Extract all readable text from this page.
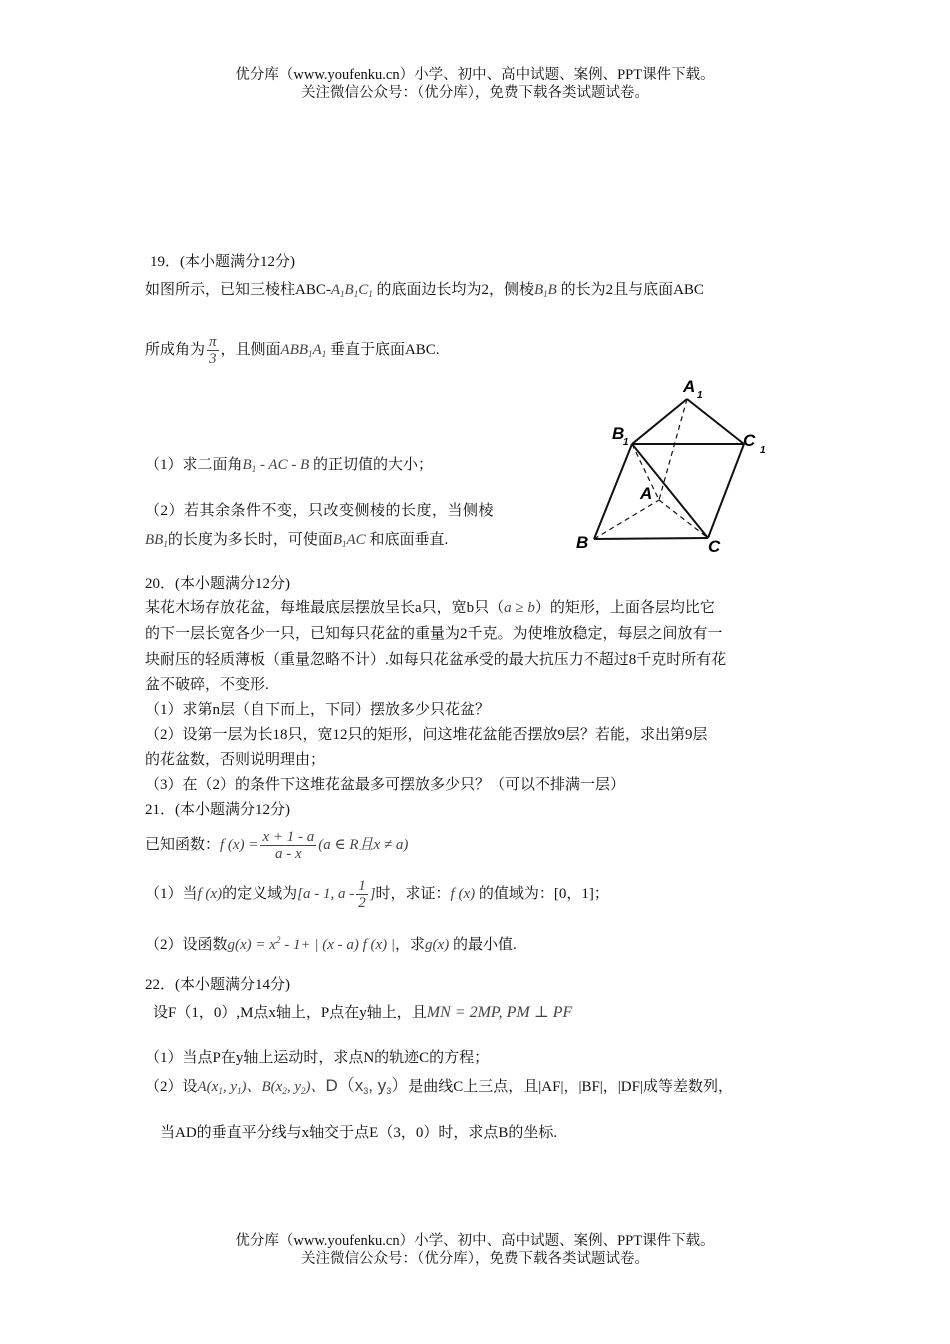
优分库（www.youfenku.cn）小学、初中、高中试题、案例、PPT课件下载。
关注微信公众号：（优分库），免费下载各类试题试卷。
19．(本小题满分12分)
如图所示，已知三棱柱ABC-$A_1B_1C_1$ 的底面边长均为2，侧棱$B_1B$ 的长为2且与底面ABC
所成角为 $\frac{\pi}{3}$ ，且侧面$ABB_1A_1$ 垂直于底面ABC.
（1）求二面角$B_1$ - AC - B 的正切值的大小；
（2）若其余条件不变，只改变侧棱的长度，当侧棱
$BB_1$的长度为多长时，可使面$B_1AC$ 和底面垂直.
A 1
B
1	C
1
A
B	C
20．(本小题满分12分)
某花木场存放花盆，每堆最底层摆放呈长a只，宽b只（a ≥ b）的矩形，上面各层均比它
的下一层长宽各少一只，已知每只花盆的重量为2千克。为使堆放稳定，每层之间放有一
块耐压的轻质薄板（重量忽略不计）.如每只花盆承受的最大抗压力不超过8千克时所有花
盆不破碎，不变形.
（1）求第n层（自下而上，下同）摆放多少只花盆？
（2）设第一层为长18只，宽12只的矩形，问这堆花盆能否摆放9层？若能，求出第9层
的花盆数，否则说明理由；
（3）在（2）的条件下这堆花盆最多可摆放多少只？（可以不排满一层）
21．(本小题满分12分)
已知函数：f $(x) = \frac{x + 1 - a}{a - x} (a$ ∈ R且x ≠ a)
（1）当f (x)的定义域为[a - 1, a - $\frac{1}{2}$ ]时，求证：f (x) 的值域为：[0，1]；
（2）设函数$g(x) = x^2 - 1+$ | (x - a) f (x) |，求g(x) 的最小值.
22．(本小题满分14分)
设F（1，0）,M点x轴上，P点在y轴上，且MN = 2MP, PM ⊥ PF
（1）当点P在y轴上运动时，求点N的轨迹C的方程；
（2）设$A(x_1$, $y_1$)、$B(x_2$, $y_2$)、$D(x_3$, $y_3$）是曲线C上三点，且|AF|，|BF|，|DF|成等差数列，
当AD的垂直平分线与x轴交于点E（3，0）时，求点B的坐标.
优分库（www.youfenku.cn）小学、初中、高中试题、案例、PPT课件下载。
关注微信公众号：（优分库），免费下载各类试题试卷。
